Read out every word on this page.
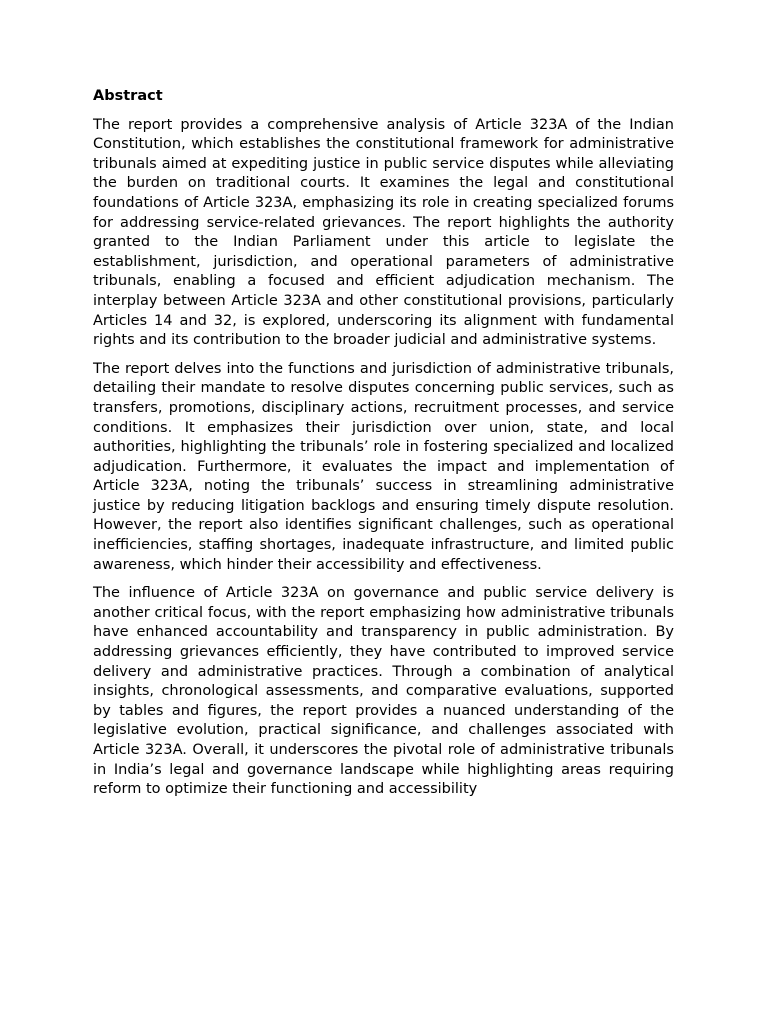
Abstract

The report provides a comprehensive analysis of Article 323A of the Indian Constitution, which establishes the constitutional framework for administrative tribunals aimed at expediting justice in public service disputes while alleviating the burden on traditional courts. It examines the legal and constitutional foundations of Article 323A, emphasizing its role in creating specialized forums for addressing service-related grievances. The report highlights the authority granted to the Indian Parliament under this article to legislate the establishment, jurisdiction, and operational parameters of administrative tribunals, enabling a focused and efficient adjudication mechanism. The interplay between Article 323A and other constitutional provisions, particularly Articles 14 and 32, is explored, underscoring its alignment with fundamental rights and its contribution to the broader judicial and administrative systems.

The report delves into the functions and jurisdiction of administrative tribunals, detailing their mandate to resolve disputes concerning public services, such as transfers, promotions, disciplinary actions, recruitment processes, and service conditions. It emphasizes their jurisdiction over union, state, and local authorities, highlighting the tribunals’ role in fostering specialized and localized adjudication. Furthermore, it evaluates the impact and implementation of Article 323A, noting the tribunals’ success in streamlining administrative justice by reducing litigation backlogs and ensuring timely dispute resolution. However, the report also identifies significant challenges, such as operational inefficiencies, staffing shortages, inadequate infrastructure, and limited public awareness, which hinder their accessibility and effectiveness.

The influence of Article 323A on governance and public service delivery is another critical focus, with the report emphasizing how administrative tribunals have enhanced accountability and transparency in public administration. By addressing grievances efficiently, they have contributed to improved service delivery and administrative practices. Through a combination of analytical insights, chronological assessments, and comparative evaluations, supported by tables and figures, the report provides a nuanced understanding of the legislative evolution, practical significance, and challenges associated with Article 323A. Overall, it underscores the pivotal role of administrative tribunals in India’s legal and governance landscape while highlighting areas requiring reform to optimize their functioning and accessibility
